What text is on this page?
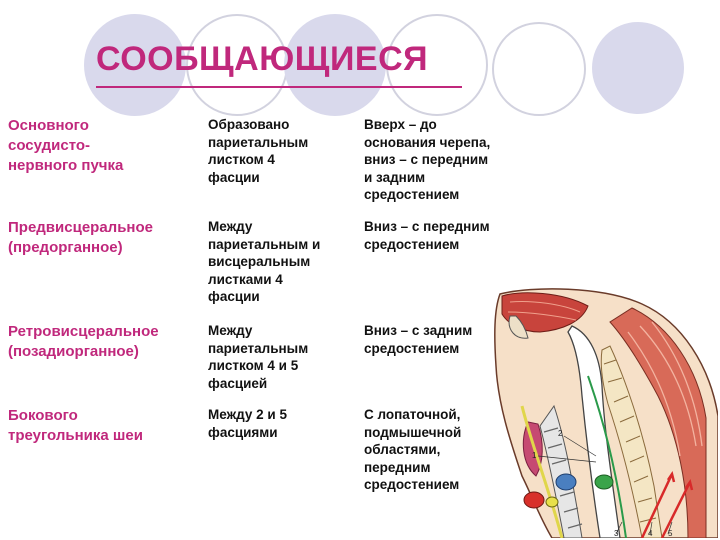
СООБЩАЮЩИЕСЯ
Основного
сосудисто-
нервного пучка
Образовано
париетальным
листком 4
фасции
Вверх – до
основания черепа,
вниз – с передним
и задним
средостением
Предвисцеральное
(предорганное)
Между
париетальным и
висцеральным
листками 4
фасции
Вниз – с передним
средостением
Ретровисцеральное
(позадиорганное)
Между
париетальным
листком 4 и 5
фасцией
Вниз – с задним
средостением
Бокового
треугольника шеи
Между 2 и 5
фасциями
С лопаточной,
подмышечной
областями,
передним
средостением
2
1
3	4 5
